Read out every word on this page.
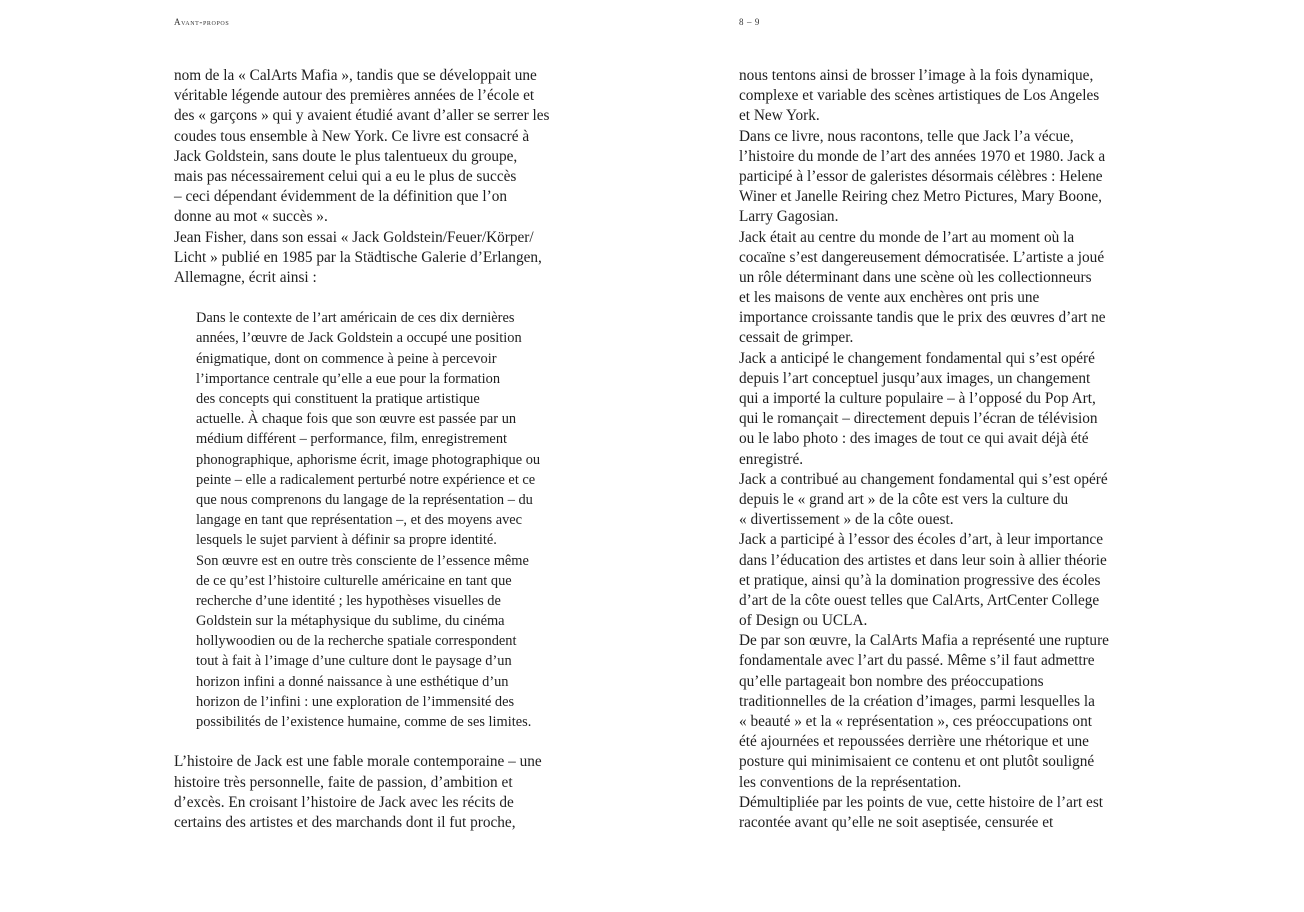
Avant-propos	8 – 9
nom de la « CalArts Mafia », tandis que se développait une
véritable légende autour des premières années de l’école et
des « garçons » qui y avaient étudié avant d’aller se serrer les
coudes tous ensemble à New York. Ce livre est consacré à
Jack Goldstein, sans doute le plus talentueux du groupe,
mais pas nécessairement celui qui a eu le plus de succès
– ceci dépendant évidemment de la définition que l’on
donne au mot « succès ».
Jean Fisher, dans son essai « Jack Goldstein/Feuer/Körper/
Licht » publié en 1985 par la Städtische Galerie d’Erlangen,
Allemagne, écrit ainsi :
Dans le contexte de l’art américain de ces dix dernières
années, l’œuvre de Jack Goldstein a occupé une position
énigmatique, dont on commence à peine à percevoir
l’importance centrale qu’elle a eue pour la formation
des concepts qui constituent la pratique artistique
actuelle. À chaque fois que son œuvre est passée par un
médium différent – performance, film, enregistrement
phonographique, aphorisme écrit, image photographique ou
peinte – elle a radicalement perturbé notre expérience et ce
que nous comprenons du langage de la représentation – du
langage en tant que représentation –, et des moyens avec
lesquels le sujet parvient à définir sa propre identité.
Son œuvre est en outre très consciente de l’essence même
de ce qu’est l’histoire culturelle américaine en tant que
recherche d’une identité ; les hypothèses visuelles de
Goldstein sur la métaphysique du sublime, du cinéma
hollywoodien ou de la recherche spatiale correspondent
tout à fait à l’image d’une culture dont le paysage d’un
horizon infini a donné naissance à une esthétique d’un
horizon de l’infini : une exploration de l’immensité des
possibilités de l’existence humaine, comme de ses limites.
L’histoire de Jack est une fable morale contemporaine – une
histoire très personnelle, faite de passion, d’ambition et
d’excès. En croisant l’histoire de Jack avec les récits de
certains des artistes et des marchands dont il fut proche,
nous tentons ainsi de brosser l’image à la fois dynamique,
complexe et variable des scènes artistiques de Los Angeles
et New York.
Dans ce livre, nous racontons, telle que Jack l’a vécue,
l’histoire du monde de l’art des années 1970 et 1980. Jack a
participé à l’essor de galeristes désormais célèbres : Helene
Winer et Janelle Reiring chez Metro Pictures, Mary Boone,
Larry Gagosian.
Jack était au centre du monde de l’art au moment où la
cocaïne s’est dangereusement démocratisée. L’artiste a joué
un rôle déterminant dans une scène où les collectionneurs
et les maisons de vente aux enchères ont pris une
importance croissante tandis que le prix des œuvres d’art ne
cessait de grimper.
Jack a anticipé le changement fondamental qui s’est opéré
depuis l’art conceptuel jusqu’aux images, un changement
qui a importé la culture populaire – à l’opposé du Pop Art,
qui le romançait – directement depuis l’écran de télévision
ou le labo photo : des images de tout ce qui avait déjà été
enregistré.
Jack a contribué au changement fondamental qui s’est opéré
depuis le « grand art » de la côte est vers la culture du
« divertissement » de la côte ouest.
Jack a participé à l’essor des écoles d’art, à leur importance
dans l’éducation des artistes et dans leur soin à allier théorie
et pratique, ainsi qu’à la domination progressive des écoles
d’art de la côte ouest telles que CalArts, ArtCenter College
of Design ou UCLA.
De par son œuvre, la CalArts Mafia a représenté une rupture
fondamentale avec l’art du passé. Même s’il faut admettre
qu’elle partageait bon nombre des préoccupations
traditionnelles de la création d’images, parmi lesquelles la
« beauté » et la « représentation », ces préoccupations ont
été ajournées et repoussées derrière une rhétorique et une
posture qui minimisaient ce contenu et ont plutôt souligné
les conventions de la représentation.
Démultipliée par les points de vue, cette histoire de l’art est
racontée avant qu’elle ne soit aseptisée, censurée et
